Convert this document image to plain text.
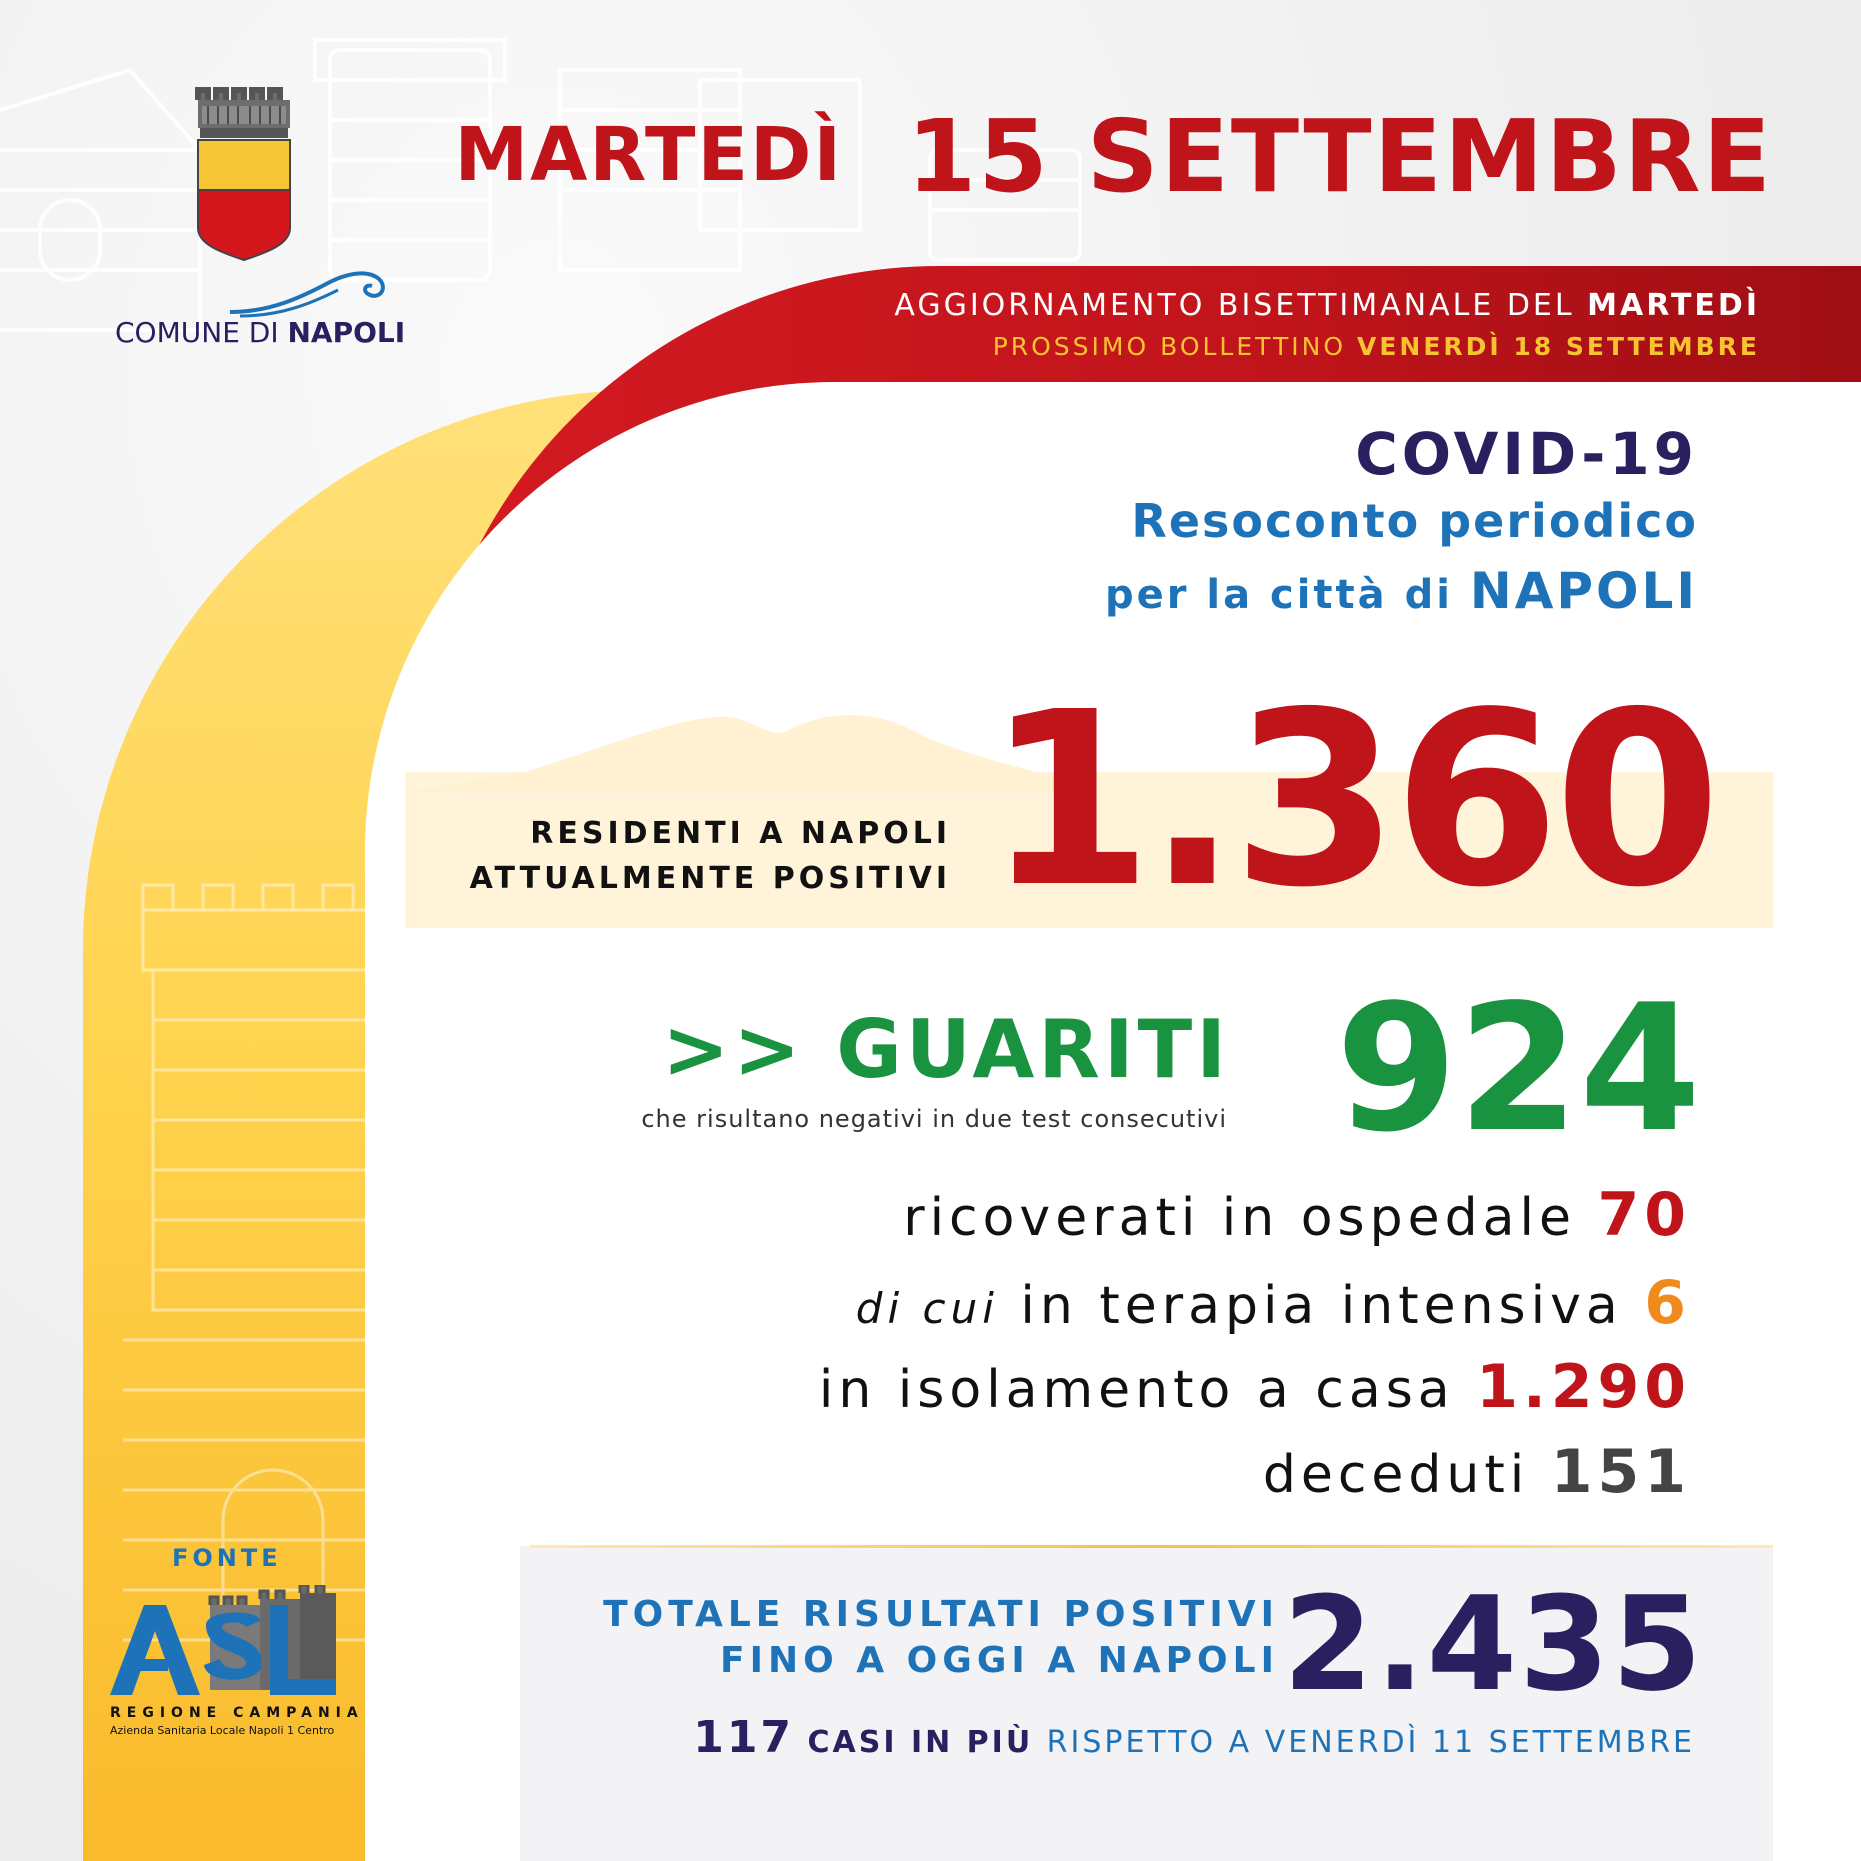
COMUNE DI NAPOLI

MARTEDÌ 15 SETTEMBRE

AGGIORNAMENTO BISETTIMANALE DEL MARTEDÌ

PROSSIMO BOLLETTINO VENERDÌ 18 SETTEMBRE

COVID-19

Resoconto periodico

per la città di NAPOLI

RESIDENTI A NAPOLI

ATTUALMENTE POSITIVI 1.360

>> GUARITI

che risultano negativi in due test consecutivi 924

ricoverati in ospedale 70

di cui in terapia intensiva 6

in isolamento a casa 1.290

deceduti 151

TOTALE RISULTATI POSITIVI

FINO A OGGI A NAPOLI 2.435

117 CASI IN PIÙ RISPETTO A VENERDÌ 11 SETTEMBRE

FONTE

REGIONE CAMPANIA

Azienda Sanitaria Locale Napoli 1 Centro
